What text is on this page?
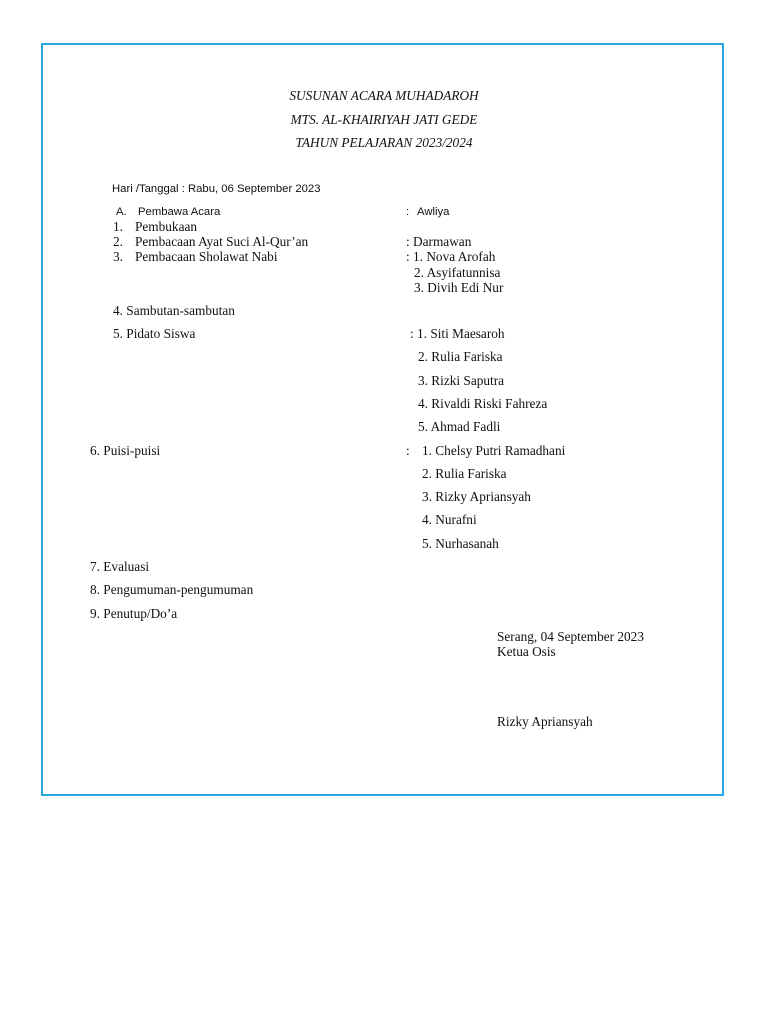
SUSUNAN ACARA MUHADAROH
MTS. AL-KHAIRIYAH JATI GEDE
TAHUN PELAJARAN 2023/2024
Hari /Tanggal : Rabu, 06 September 2023
A. Pembawa Acara	: Awliya
1. Pembukaan
2. Pembacaan Ayat Suci Al-Qur’an	: Darmawan
3. Pembacaan Sholawat Nabi	: 1. Nova Arofah
2. Asyifatunnisa
3. Divih Edi Nur
4. Sambutan-sambutan
5. Pidato Siswa	: 1. Siti Maesaroh
2. Rulia Fariska
3. Rizki Saputra
4. Rivaldi Riski Fahreza
5. Ahmad Fadli
6. Puisi-puisi	: 1. Chelsy Putri Ramadhani
2. Rulia Fariska
3. Rizky Apriansyah
4. Nurafni
5. Nurhasanah
7. Evaluasi
8. Pengumuman-pengumuman
9. Penutup/Do’a
Serang, 04 September 2023
Ketua Osis
Rizky Apriansyah
